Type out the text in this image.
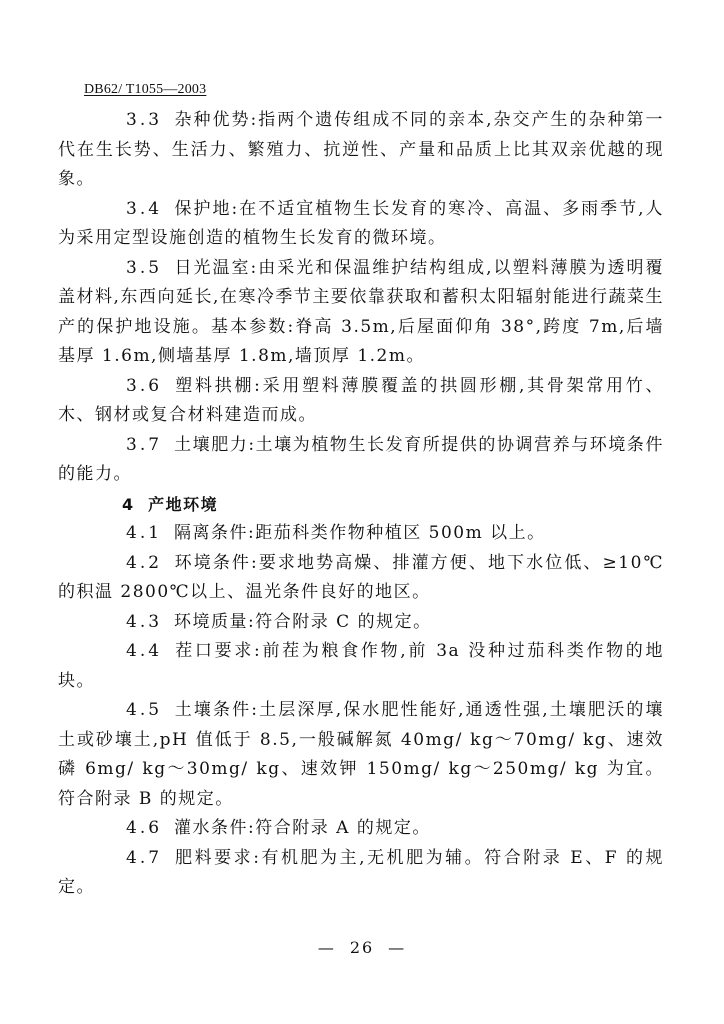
DB62/ T1055—2003

3.3 杂种优势:指两个遗传组成不同的亲本,杂交产生的杂种第一代在生长势、生活力、繁殖力、抗逆性、产量和品质上比其双亲优越的现象。

3.4 保护地:在不适宜植物生长发育的寒冷、高温、多雨季节,人为采用定型设施创造的植物生长发育的微环境。

3.5 日光温室:由采光和保温维护结构组成,以塑料薄膜为透明覆盖材料,东西向延长,在寒冷季节主要依靠获取和蓄积太阳辐射能进行蔬菜生产的保护地设施。基本参数:脊高 3.5m,后屋面仰角 38°,跨度 7m,后墙基厚 1.6m,侧墙基厚 1.8m,墙顶厚 1.2m。

3.6 塑料拱棚:采用塑料薄膜覆盖的拱圆形棚,其骨架常用竹、木、钢材或复合材料建造而成。

3.7 土壤肥力:土壤为植物生长发育所提供的协调营养与环境条件的能力。

4 产地环境

4.1 隔离条件:距茄科类作物种植区 500m 以上。

4.2 环境条件:要求地势高燥、排灌方便、地下水位低、≥10℃的积温 2800℃以上、温光条件良好的地区。

4.3 环境质量:符合附录 C 的规定。

4.4 茬口要求:前茬为粮食作物,前 3a 没种过茄科类作物的地块。

4.5 土壤条件:土层深厚,保水肥性能好,通透性强,土壤肥沃的壤土或砂壤土,pH 值低于 8.5,一般碱解氮 40mg/ kg～70mg/ kg、速效磷 6mg/ kg～30mg/ kg、速效钾 150mg/ kg～250mg/ kg 为宜。符合附录 B 的规定。

4.6 灌水条件:符合附录 A 的规定。

4.7 肥料要求:有机肥为主,无机肥为辅。符合附录 E、F 的规定。

— 26 —
